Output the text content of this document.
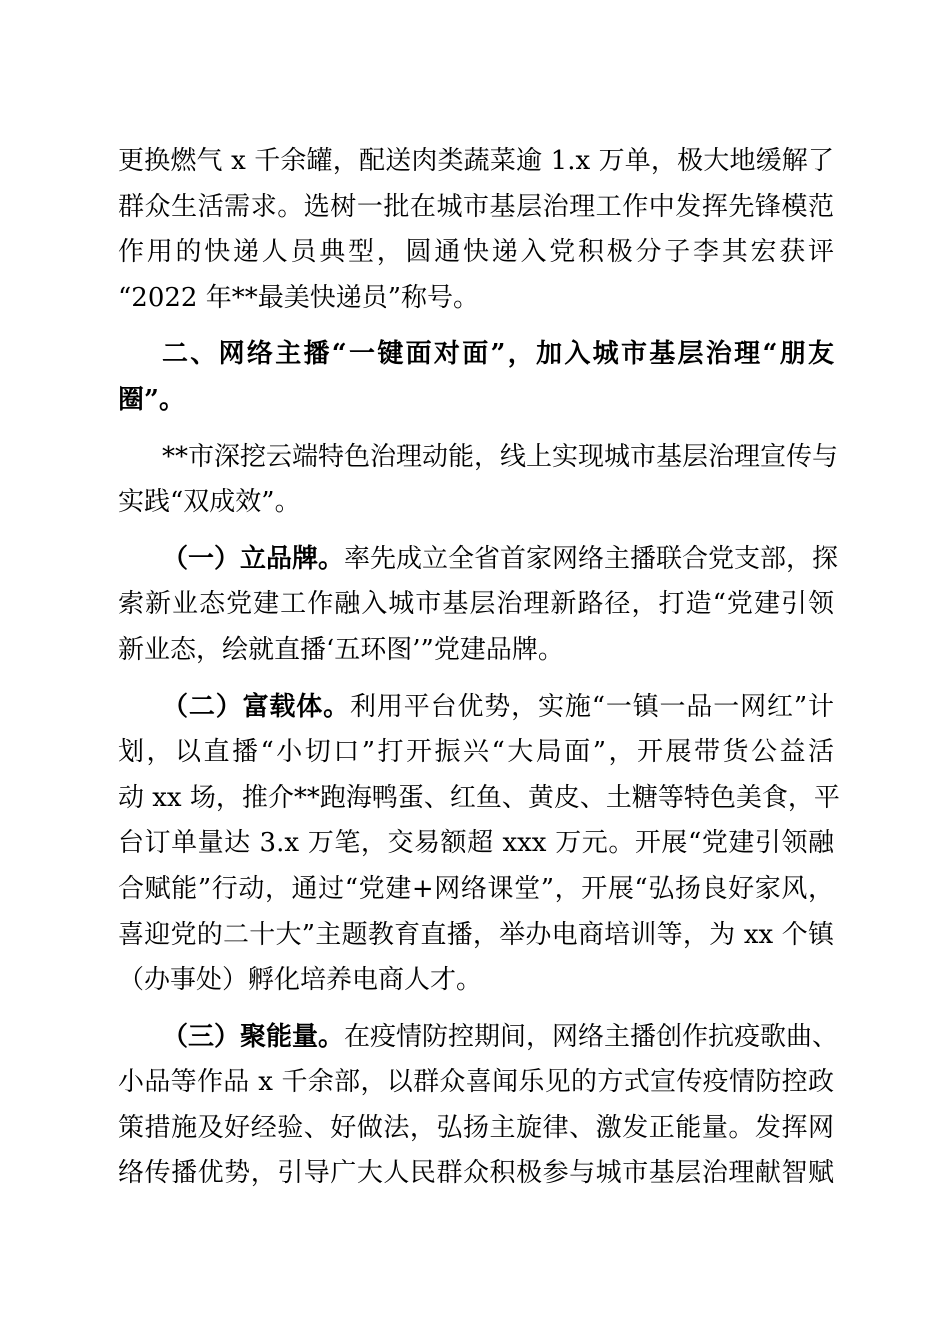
更换燃气 x 千余罐，配送肉类蔬菜逾 1.x 万单，极大地缓解了
群众生活需求。选树一批在城市基层治理工作中发挥先锋模范
作用的快递人员典型，圆通快递入党积极分子李其宏获评
“2022 年**最美快递员”称号。
二、网络主播“一键面对面”，加入城市基层治理“朋友
圈”。
**市深挖云端特色治理动能，线上实现城市基层治理宣传与
实践“双成效”。
（一）立品牌。率先成立全省首家网络主播联合党支部，探
索新业态党建工作融入城市基层治理新路径，打造“党建引领
新业态，绘就直播‘五环图’”党建品牌。
（二）富载体。利用平台优势，实施“一镇一品一网红”计
划，以直播“小切口”打开振兴“大局面”，开展带货公益活
动 xx 场，推介**跑海鸭蛋、红鱼、黄皮、土糖等特色美食，平
台订单量达 3.x 万笔，交易额超 xxx 万元。开展“党建引领融
合赋能”行动，通过“党建+网络课堂”，开展“弘扬良好家风，
喜迎党的二十大”主题教育直播，举办电商培训等，为 xx 个镇
（办事处）孵化培养电商人才。
（三）聚能量。在疫情防控期间，网络主播创作抗疫歌曲、
小品等作品 x 千余部，以群众喜闻乐见的方式宣传疫情防控政
策措施及好经验、好做法，弘扬主旋律、激发正能量。发挥网
络传播优势，引导广大人民群众积极参与城市基层治理献智赋
